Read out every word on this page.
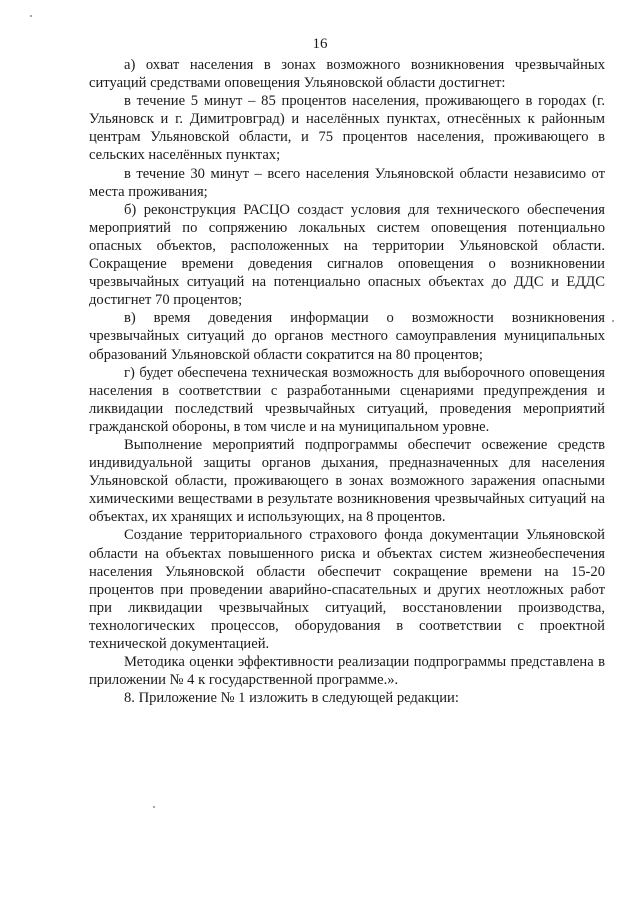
16

а) охват населения в зонах возможного возникновения чрезвычайных ситуаций средствами оповещения Ульяновской области достигнет:

в течение 5 минут – 85 процентов населения, проживающего в городах (г. Ульяновск и г. Димитровград) и населённых пунктах, отнесённых к районным центрам Ульяновской области, и 75 процентов населения, проживающего в сельских населённых пунктах;

в течение 30 минут – всего населения Ульяновской области независимо от места проживания;

б) реконструкция РАСЦО создаст условия для технического обеспечения мероприятий по сопряжению локальных систем оповещения потенциально опасных объектов, расположенных на территории Ульяновской области. Сокращение времени доведения сигналов оповещения о возникновении чрезвычайных ситуаций на потенциально опасных объектах до ДДС и ЕДДС достигнет 70 процентов;

в) время доведения информации о возможности возникновения чрезвычайных ситуаций до органов местного самоуправления муниципальных образований Ульяновской области сократится на 80 процентов;

г) будет обеспечена техническая возможность для выборочного оповещения населения в соответствии с разработанными сценариями предупреждения и ликвидации последствий чрезвычайных ситуаций, проведения мероприятий гражданской обороны, в том числе и на муниципальном уровне.

Выполнение мероприятий подпрограммы обеспечит освежение средств индивидуальной защиты органов дыхания, предназначенных для населения Ульяновской области, проживающего в зонах возможного заражения опасными химическими веществами в результате возникновения чрезвычайных ситуаций на объектах, их хранящих и использующих, на 8 процентов.

Создание территориального страхового фонда документации Ульяновской области на объектах повышенного риска и объектах систем жизнеобеспечения населения Ульяновской области обеспечит сокращение времени на 15-20 процентов при проведении аварийно-спасательных и других неотложных работ при ликвидации чрезвычайных ситуаций, восстановлении производства, технологических процессов, оборудования в соответствии с проектной технической документацией.

Методика оценки эффективности реализации подпрограммы представлена в приложении № 4 к государственной программе.».

8. Приложение № 1 изложить в следующей редакции:
